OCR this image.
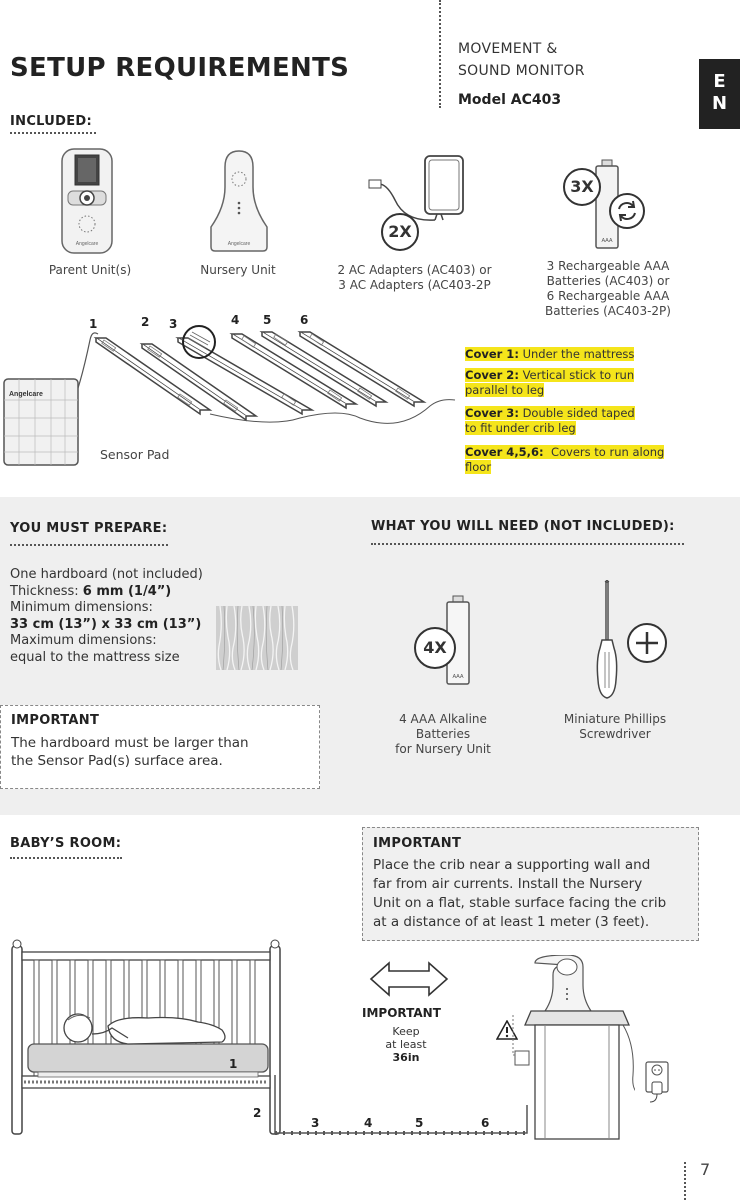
SETUP REQUIREMENTS
MOVEMENT &
SOUND MONITOR
Model AC403
E
N
INCLUDED:
Angelcare
Parent Unit(s)
Angelcare
Nursery Unit
2X
2 AC Adapters (AC403) or
3 AC Adapters (AC403-2P
AAA
3X
3 Rechargeable AAA
Batteries (AC403) or
6 Rechargeable AAA
Batteries (AC403-2P)
1	2 3	4 5 6
Angelcare
Sensor Pad
Cover 1: Under the mattress
Cover 2: Vertical stick to run
parallel to leg
Cover 3: Double sided taped
to fit under crib leg
Cover 4,5,6: Covers to run along
floor
YOU MUST PREPARE:
One hardboard (not included)
Thickness: 6 mm (1/4”)
Minimum dimensions:
33 cm (13”) x 33 cm (13”)
Maximum dimensions:
equal to the mattress size
IMPORTANT
The hardboard must be larger than
the Sensor Pad(s) surface area.
WHAT YOU WILL NEED (NOT INCLUDED):
AAA
4X
4 AAA Alkaline
Batteries
for Nursery Unit
Miniature Phillips
Screwdriver
BABY’S ROOM:	IMPORTANT
Place the crib near a supporting wall and
far from air currents. Install the Nursery
Unit on a flat, stable surface facing the crib
at a distance of at least 1 meter (3 feet).
1
2
3	4	5	6
IMPORTANT
Keep
at least
36in
7
